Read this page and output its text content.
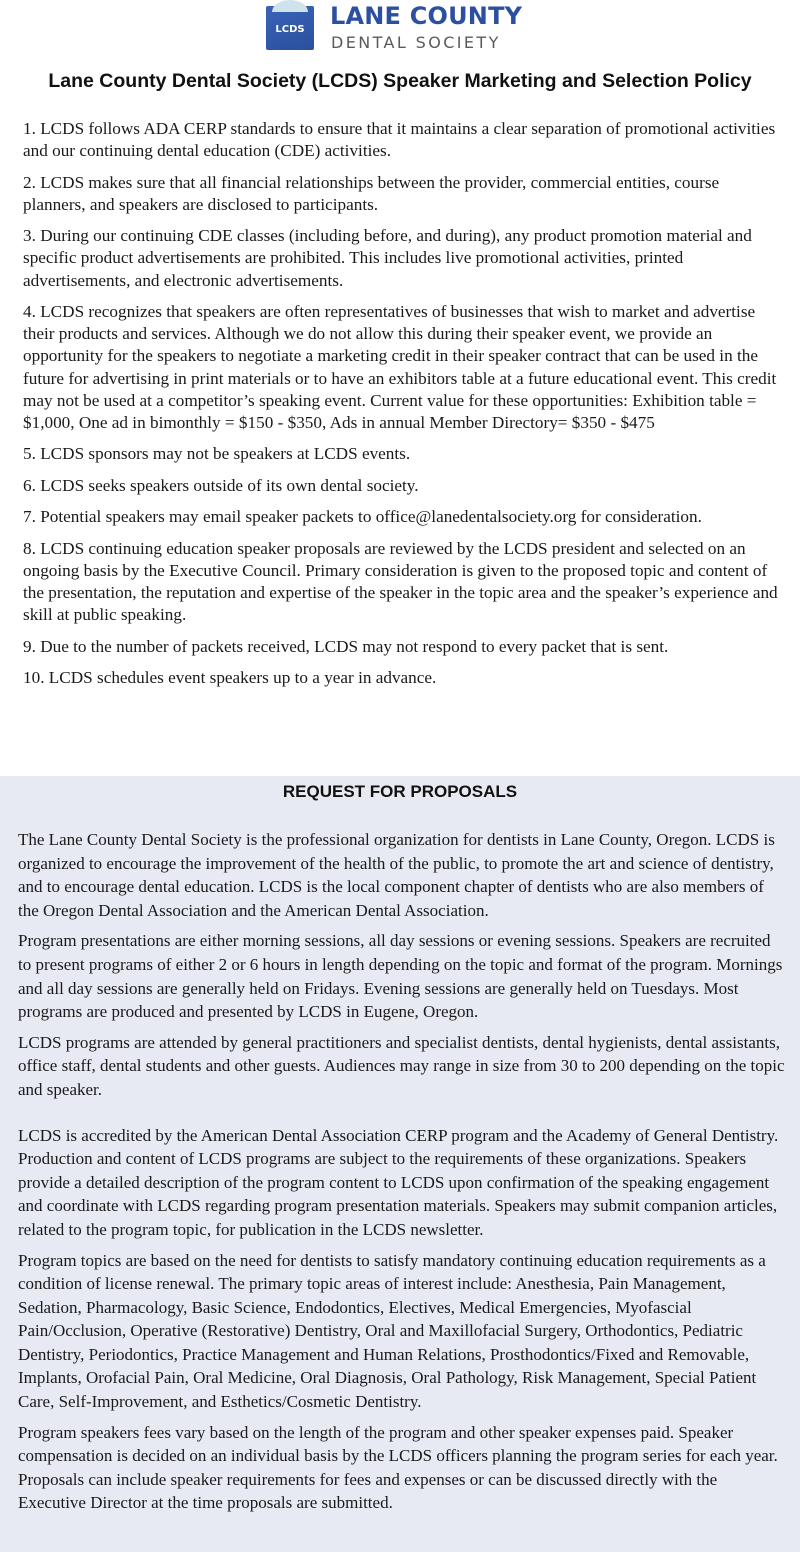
LCDS	LANE COUNTY
DENTAL SOCIETY
Lane County Dental Society (LCDS) Speaker Marketing and Selection Policy
1. LCDS follows ADA CERP standards to ensure that it maintains a clear separation of promotional activities and our continuing dental education (CDE) activities.
2. LCDS makes sure that all financial relationships between the provider, commercial entities, course planners, and speakers are disclosed to participants.
3. During our continuing CDE classes (including before, and during), any product promotion material and specific product advertisements are prohibited. This includes live promotional activities, printed advertisements, and electronic advertisements.
4. LCDS recognizes that speakers are often representatives of businesses that wish to market and advertise their products and services. Although we do not allow this during their speaker event, we provide an opportunity for the speakers to negotiate a marketing credit in their speaker contract that can be used in the future for advertising in print materials or to have an exhibitors table at a future educational event. This credit may not be used at a competitor’s speaking event. Current value for these opportunities: Exhibition table = $1,000, One ad in bimonthly = $150 - $350, Ads in annual Member Directory= $350 - $475
5. LCDS sponsors may not be speakers at LCDS events.
6. LCDS seeks speakers outside of its own dental society.
7. Potential speakers may email speaker packets to office@lanedentalsociety.org for consideration.
8. LCDS continuing education speaker proposals are reviewed by the LCDS president and selected on an ongoing basis by the Executive Council. Primary consideration is given to the proposed topic and content of the presentation, the reputation and expertise of the speaker in the topic area and the speaker’s experience and skill at public speaking.
9. Due to the number of packets received, LCDS may not respond to every packet that is sent.
10. LCDS schedules event speakers up to a year in advance.
REQUEST FOR PROPOSALS

The Lane County Dental Society is the professional organization for dentists in Lane County, Oregon. LCDS is organized to encourage the improvement of the health of the public, to promote the art and science of dentistry, and to encourage dental education. LCDS is the local component chapter of dentists who are also members of the Oregon Dental Association and the American Dental Association.

Program presentations are either morning sessions, all day sessions or evening sessions. Speakers are recruited to present programs of either 2 or 6 hours in length depending on the topic and format of the program. Mornings and all day sessions are generally held on Fridays. Evening sessions are generally held on Tuesdays. Most programs are produced and presented by LCDS in Eugene, Oregon.

LCDS programs are attended by general practitioners and specialist dentists, dental hygienists, dental assistants, office staff, dental students and other guests. Audiences may range in size from 30 to 200 depending on the topic and speaker.

LCDS is accredited by the American Dental Association CERP program and the Academy of General Dentistry. Production and content of LCDS programs are subject to the requirements of these organizations. Speakers provide a detailed description of the program content to LCDS upon confirmation of the speaking engagement and coordinate with LCDS regarding program presentation materials. Speakers may submit companion articles, related to the program topic, for publication in the LCDS newsletter.

Program topics are based on the need for dentists to satisfy mandatory continuing education requirements as a condition of license renewal. The primary topic areas of interest include: Anesthesia, Pain Management, Sedation, Pharmacology, Basic Science, Endodontics, Electives, Medical Emergencies, Myofascial Pain/Occlusion, Operative (Restorative) Dentistry, Oral and Maxillofacial Surgery, Orthodontics, Pediatric Dentistry, Periodontics, Practice Management and Human Relations, Prosthodontics/Fixed and Removable, Implants, Orofacial Pain, Oral Medicine, Oral Diagnosis, Oral Pathology, Risk Management, Special Patient Care, Self-Improvement, and Esthetics/Cosmetic Dentistry.

Program speakers fees vary based on the length of the program and other speaker expenses paid. Speaker compensation is decided on an individual basis by the LCDS officers planning the program series for each year. Proposals can include speaker requirements for fees and expenses or can be discussed directly with the Executive Director at the time proposals are submitted.
